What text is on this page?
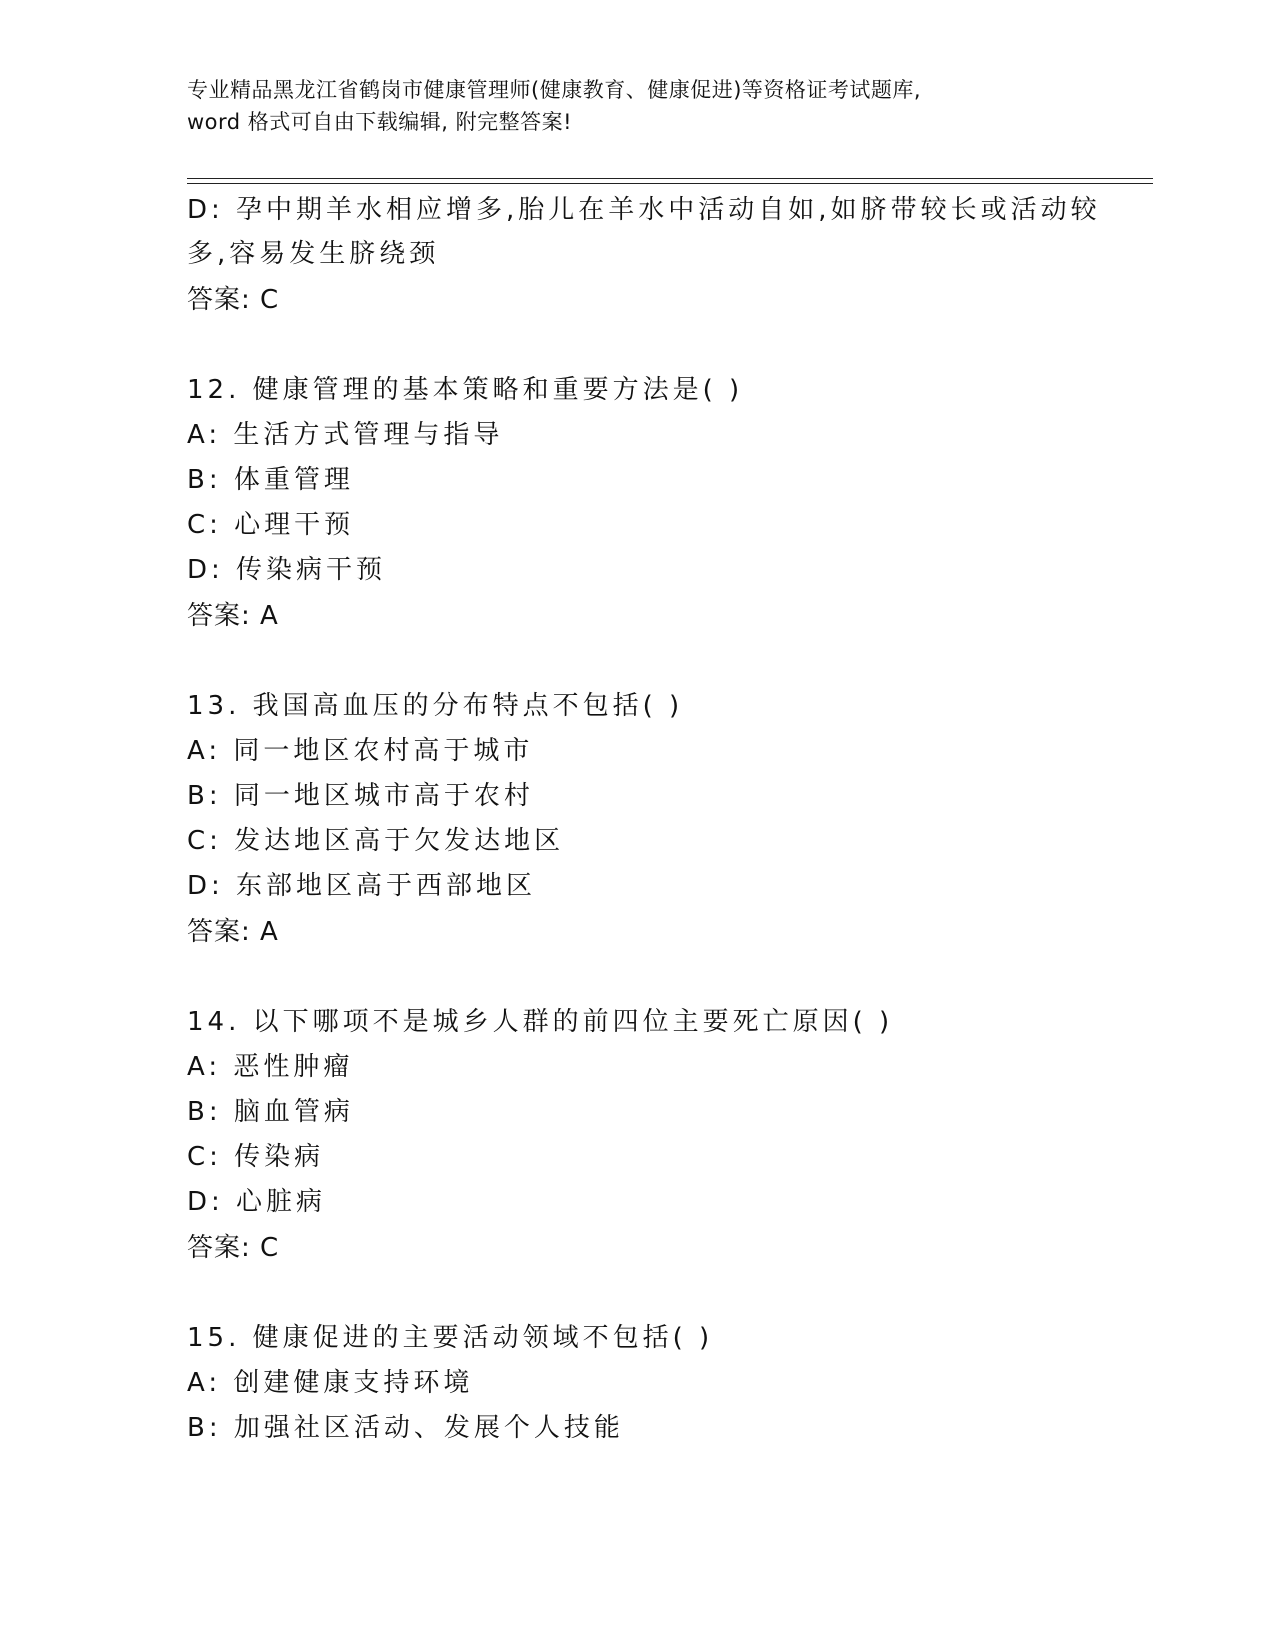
专业精品黑龙江省鹤岗市健康管理师(健康教育、健康促进)等资格证考试题库,
word 格式可自由下载编辑, 附完整答案!
D: 孕中期羊水相应增多,胎儿在羊水中活动自如,如脐带较长或活动较
多,容易发生脐绕颈
答案: C
12. 健康管理的基本策略和重要方法是( )
A: 生活方式管理与指导
B: 体重管理
C: 心理干预
D: 传染病干预
答案: A
13. 我国高血压的分布特点不包括( )
A: 同一地区农村高于城市
B: 同一地区城市高于农村
C: 发达地区高于欠发达地区
D: 东部地区高于西部地区
答案: A
14. 以下哪项不是城乡人群的前四位主要死亡原因( )
A: 恶性肿瘤
B: 脑血管病
C: 传染病
D: 心脏病
答案: C
15. 健康促进的主要活动领域不包括( )
A: 创建健康支持环境
B: 加强社区活动、发展个人技能
